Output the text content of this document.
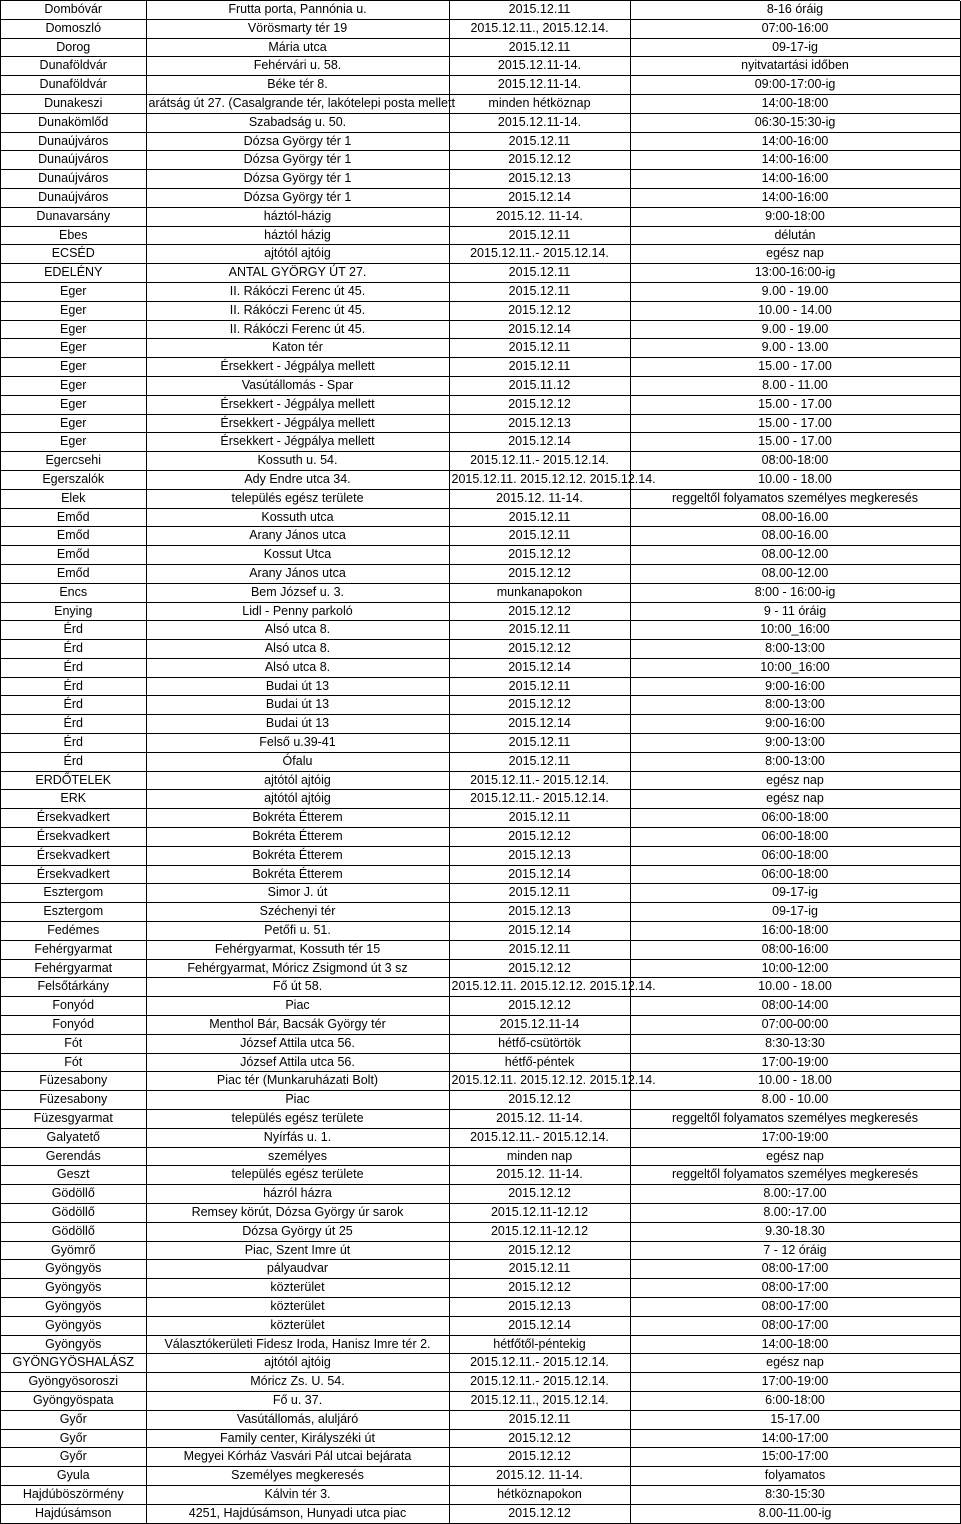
Dombóvár	Frutta porta, Pannónia u.	2015.12.11	8-16 óráig
Domoszló	Vörösmarty tér 19	2015.12.11., 2015.12.14.	07:00-16:00
Dorog	Mária utca	2015.12.11	09-17-ig
Dunaföldvár	Fehérvári u. 58.	2015.12.11-14.	nyitvatartási időben
Dunaföldvár	Béke tér 8.	2015.12.11-14.	09:00-17:00-ig
Dunakeszi	arátság út 27. (Casalgrande tér, lakótelepi posta mellett	minden hétköznap	14:00-18:00
Dunakömlőd	Szabadság u. 50.	2015.12.11-14.	06:30-15:30-ig
Dunaújváros	Dózsa György tér 1	2015.12.11	14:00-16:00
Dunaújváros	Dózsa György tér 1	2015.12.12	14:00-16:00
Dunaújváros	Dózsa György tér 1	2015.12.13	14:00-16:00
Dunaújváros	Dózsa György tér 1	2015.12.14	14:00-16:00
Dunavarsány	háztól-házig	2015.12. 11-14.	9:00-18:00
Ebes	háztól házig	2015.12.11	délután
ECSÉD	ajtótól ajtóig	2015.12.11.- 2015.12.14.	egész nap
EDELÉNY	ANTAL GYÖRGY ÚT 27.	2015.12.11	13:00-16:00-ig
Eger	II. Rákóczi Ferenc út 45.	2015.12.11	9.00 - 19.00
Eger	II. Rákóczi Ferenc út 45.	2015.12.12	10.00 - 14.00
Eger	II. Rákóczi Ferenc út 45.	2015.12.14	9.00 - 19.00
Eger	Katon tér	2015.12.11	9.00 - 13.00
Eger	Érsekkert - Jégpálya mellett	2015.12.11	15.00 - 17.00
Eger	Vasútállomás - Spar	2015.11.12	8.00 - 11.00
Eger	Érsekkert - Jégpálya mellett	2015.12.12	15.00 - 17.00
Eger	Érsekkert - Jégpálya mellett	2015.12.13	15.00 - 17.00
Eger	Érsekkert - Jégpálya mellett	2015.12.14	15.00 - 17.00
Egercsehi	Kossuth u. 54.	2015.12.11.- 2015.12.14.	08:00-18:00
Egerszalók	Ady Endre utca 34.	2015.12.11. 2015.12.12. 2015.12.14.	10.00 - 18.00
Elek	település egész területe	2015.12. 11-14.	reggeltől folyamatos személyes megkeresés
Emőd	Kossuth utca	2015.12.11	08.00-16.00
Emőd	Arany János utca	2015.12.11	08.00-16.00
Emőd	Kossut Utca	2015.12.12	08.00-12.00
Emőd	Arany János utca	2015.12.12	08.00-12.00
Encs	Bem József u. 3.	munkanapokon	8:00 - 16:00-ig
Enying	Lidl - Penny parkoló	2015.12.12	9 - 11 óráig
Érd	Alsó utca 8.	2015.12.11	10:00_16:00
Érd	Alsó utca 8.	2015.12.12	8:00-13:00
Érd	Alsó utca 8.	2015.12.14	10:00_16:00
Érd	Budai út 13	2015.12.11	9:00-16:00
Érd	Budai út 13	2015.12.12	8:00-13:00
Érd	Budai út 13	2015.12.14	9:00-16:00
Érd	Felső u.39-41	2015.12.11	9:00-13:00
Érd	Ófalu	2015.12.11	8:00-13:00
ERDŐTELEK	ajtótól ajtóig	2015.12.11.- 2015.12.14.	egész nap
ERK	ajtótól ajtóig	2015.12.11.- 2015.12.14.	egész nap
Érsekvadkert	Bokréta Étterem	2015.12.11	06:00-18:00
Érsekvadkert	Bokréta Étterem	2015.12.12	06:00-18:00
Érsekvadkert	Bokréta Étterem	2015.12.13	06:00-18:00
Érsekvadkert	Bokréta Étterem	2015.12.14	06:00-18:00
Esztergom	Simor J. út	2015.12.11	09-17-ig
Esztergom	Széchenyi tér	2015.12.13	09-17-ig
Fedémes	Petőfi u. 51.	2015.12.14	16:00-18:00
Fehérgyarmat	Fehérgyarmat, Kossuth tér 15	2015.12.11	08:00-16:00
Fehérgyarmat	Fehérgyarmat, Móricz Zsigmond út 3 sz	2015.12.12	10:00-12:00
Felsőtárkány	Fő út 58.	2015.12.11. 2015.12.12. 2015.12.14.	10.00 - 18.00
Fonyód	Piac	2015.12.12	08:00-14:00
Fonyód	Menthol Bár, Bacsák György tér	2015.12.11-14	07:00-00:00
Fót	József Attila utca 56.	hétfő-csütörtök	8:30-13:30
Fót	József Attila utca 56.	hétfő-péntek	17:00-19:00
Füzesabony	Piac tér (Munkaruházati Bolt)	2015.12.11. 2015.12.12. 2015.12.14.	10.00 - 18.00
Füzesabony	Piac	2015.12.12	8.00 - 10.00
Füzesgyarmat	település egész területe	2015.12. 11-14.	reggeltől folyamatos személyes megkeresés
Galyatető	Nyírfás u. 1.	2015.12.11.- 2015.12.14.	17:00-19:00
Gerendás	személyes	minden nap	egész nap
Geszt	település egész területe	2015.12. 11-14.	reggeltől folyamatos személyes megkeresés
Gödöllő	házról házra	2015.12.12	8.00:-17.00
Gödöllő	Remsey körút, Dózsa György úr sarok	2015.12.11-12.12	8.00:-17.00
Gödöllő	Dózsa György út 25	2015.12.11-12.12	9.30-18.30
Gyömrő	Piac, Szent Imre út	2015.12.12	7 - 12 óráig
Gyöngyös	pályaudvar	2015.12.11	08:00-17:00
Gyöngyös	közterület	2015.12.12	08:00-17:00
Gyöngyös	közterület	2015.12.13	08:00-17:00
Gyöngyös	közterület	2015.12.14	08:00-17:00
Gyöngyös	Választókerületi Fidesz Iroda, Hanisz Imre tér 2.	hétfőtől-péntekig	14:00-18:00
GYÖNGYÖSHALÁSZ	ajtótól ajtóig	2015.12.11.- 2015.12.14.	egész nap
Gyöngyösoroszi	Móricz Zs. U. 54.	2015.12.11.- 2015.12.14.	17:00-19:00
Gyöngyöspata	Fő u. 37.	2015.12.11., 2015.12.14.	6:00-18:00
Győr	Vasútállomás, aluljáró	2015.12.11	15-17.00
Győr	Family center, Királyszéki út	2015.12.12	14:00-17:00
Győr	Megyei Kórház Vasvári Pál utcai bejárata	2015.12.12	15:00-17:00
Gyula	Személyes megkeresés	2015.12. 11-14.	folyamatos
Hajdúböszörmény	Kálvin tér 3.	hétköznapokon	8:30-15:30
Hajdúsámson	4251, Hajdúsámson, Hunyadi utca piac	2015.12.12	8.00-11.00-ig
